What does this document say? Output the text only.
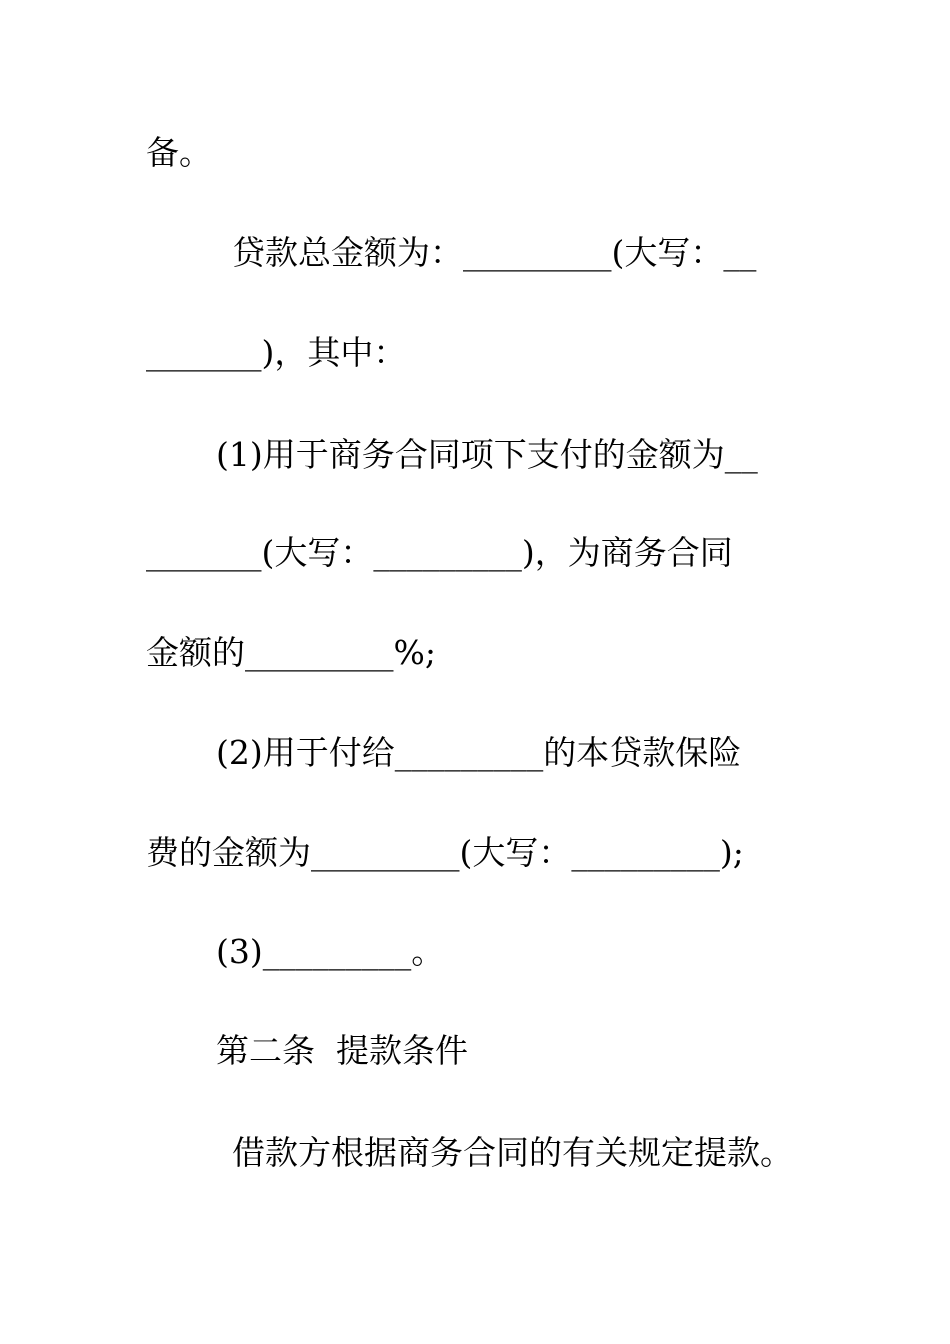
备。
贷款总金额为：_________(大写：__
_______)，其中：
(1)用于商务合同项下支付的金额为__
_______(大写：_________)，为商务合同
金额的_________%;
(2)用于付给_________的本贷款保险
费的金额为_________(大写：_________);
(3)_________。
第二条  提款条件
借款方根据商务合同的有关规定提款。
